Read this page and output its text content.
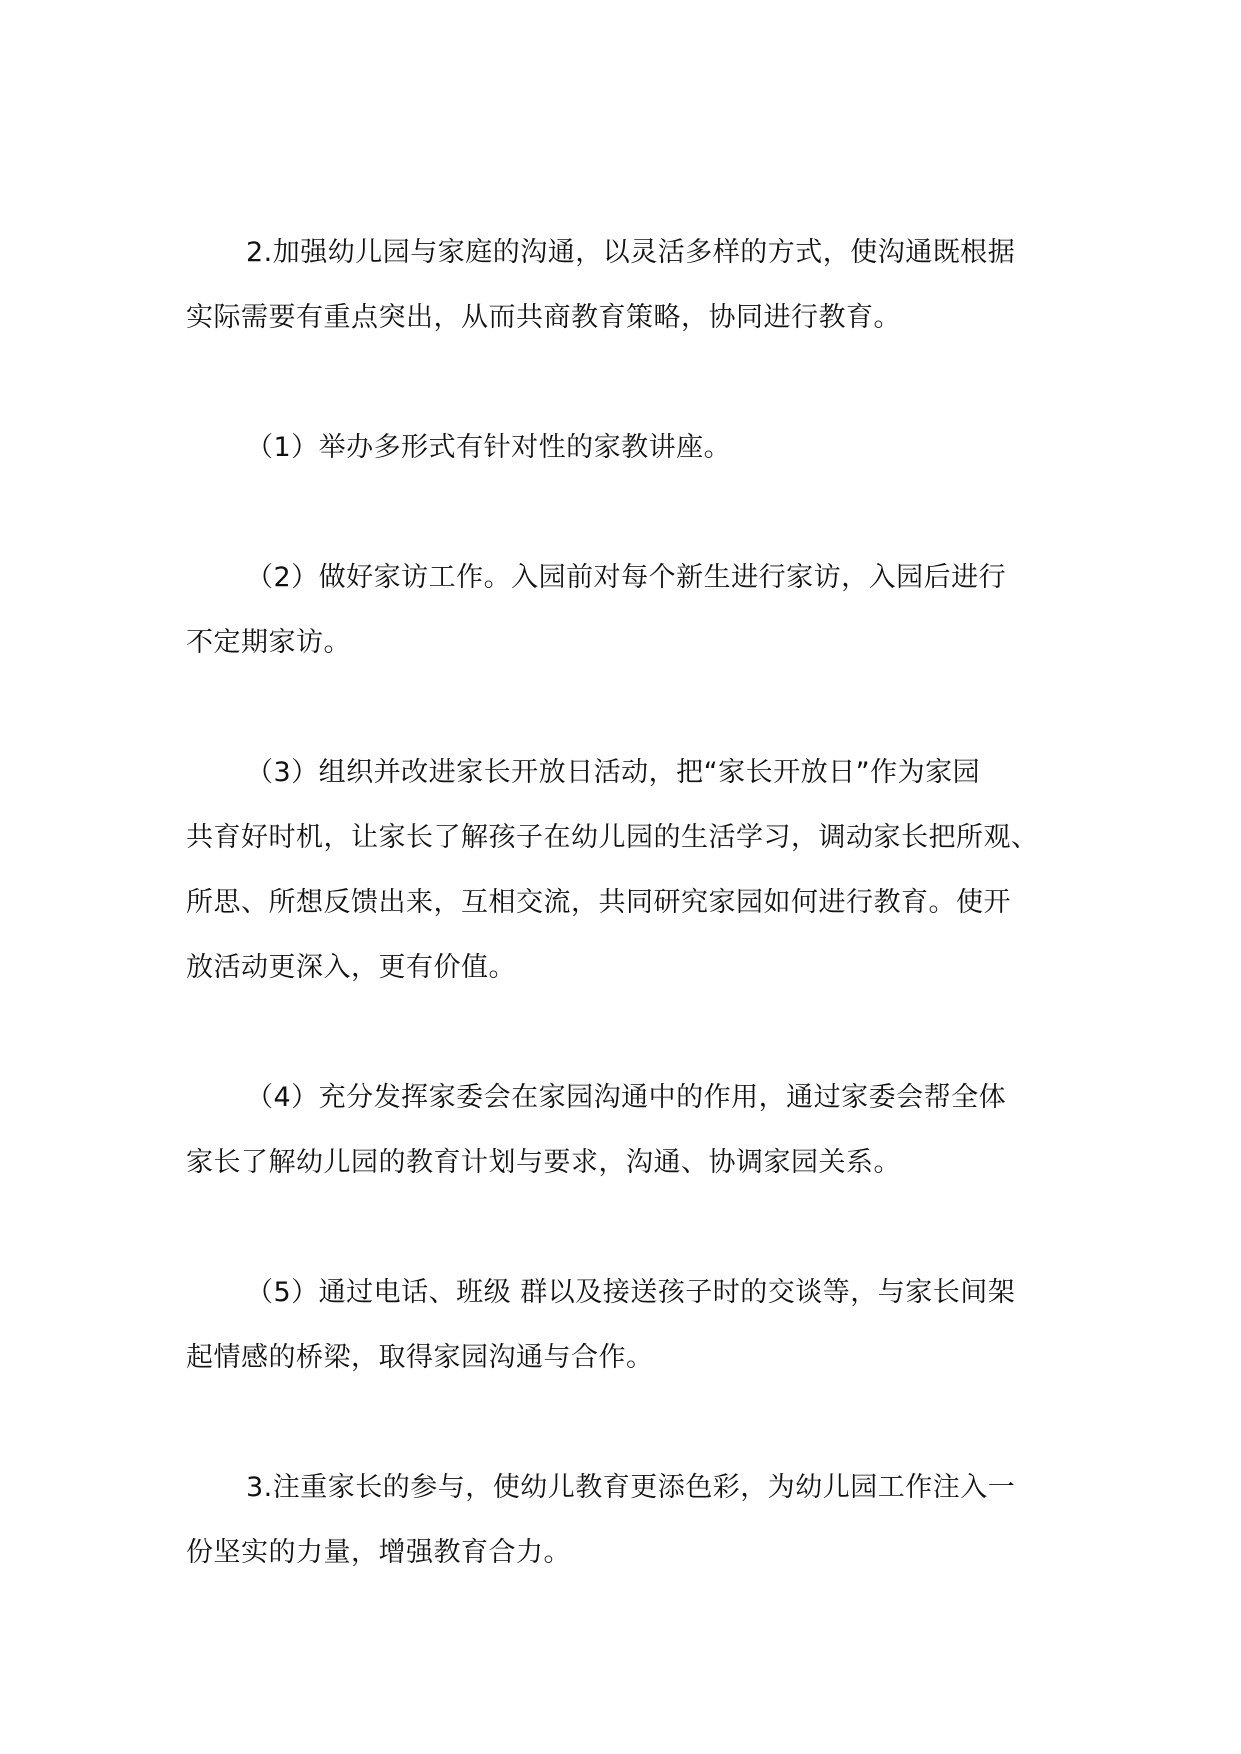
2.加强幼儿园与家庭的沟通，以灵活多样的方式，使沟通既根据
实际需要有重点突出，从而共商教育策略，协同进行教育。

（1）举办多形式有针对性的家教讲座。

（2）做好家访工作。入园前对每个新生进行家访，入园后进行
不定期家访。

（3）组织并改进家长开放日活动，把“家长开放日”作为家园
共育好时机，让家长了解孩子在幼儿园的生活学习，调动家长把所观、
所思、所想反馈出来，互相交流，共同研究家园如何进行教育。使开
放活动更深入，更有价值。

（4）充分发挥家委会在家园沟通中的作用，通过家委会帮全体
家长了解幼儿园的教育计划与要求，沟通、协调家园关系。

（5）通过电话、班级 群以及接送孩子时的交谈等，与家长间架
起情感的桥梁，取得家园沟通与合作。

3.注重家长的参与，使幼儿教育更添色彩，为幼儿园工作注入一
份坚实的力量，增强教育合力。
